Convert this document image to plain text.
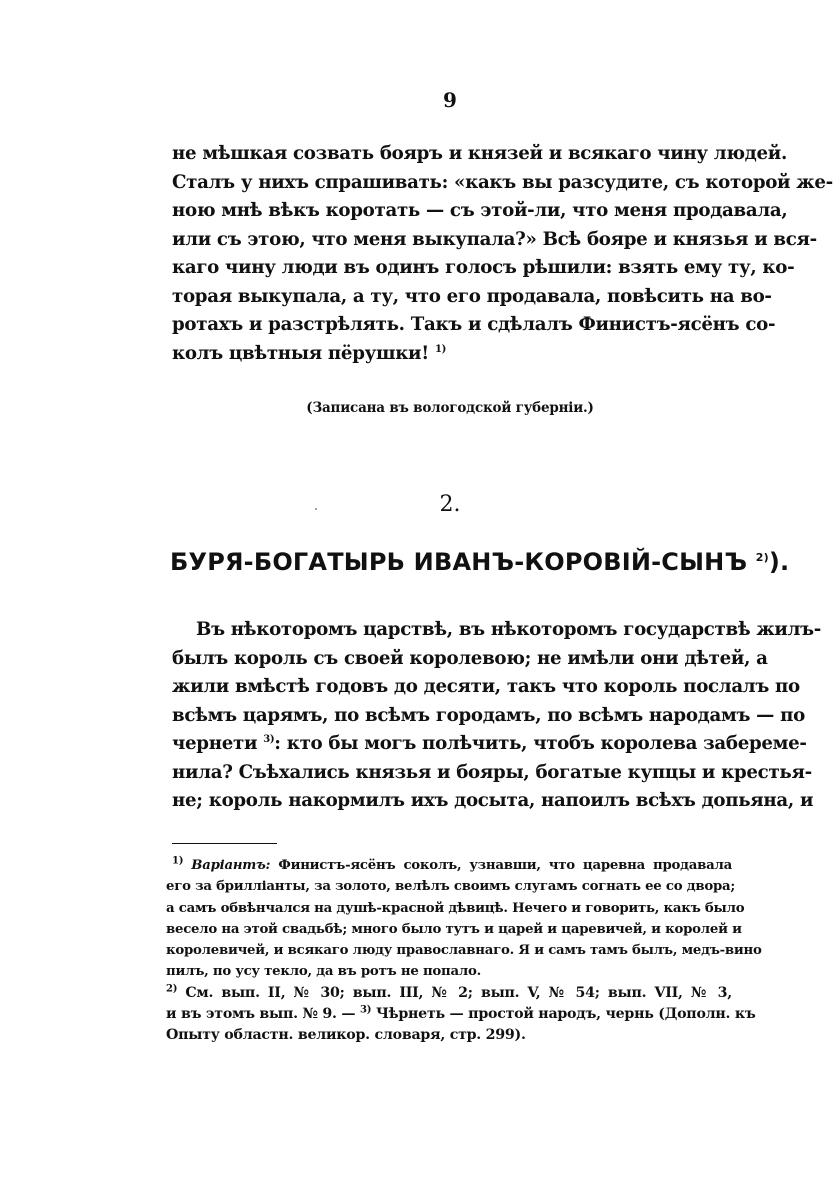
9
не мѣшкая созвать бояръ и князей и всякаго чину людей.
Сталъ у нихъ спрашивать: «какъ вы разсудите, съ которой же-
ною мнѣ вѣкъ коротать — съ этой-ли, что меня продавала,
или съ этою, что меня выкупала?» Всѣ бояре и князья и вся-
каго чину люди въ одинъ голосъ рѣшили: взять ему ту, ко-
торая выкупала, а ту, что его продавала, повѣсить на во-
ротахъ и разстрѣлять. Такъ и сдѣлалъ Финистъ-ясёнъ со-
колъ цвѣтныя пёрушки! $^{1)}$
(Записана въ вологодской губерніи.)
2.
БУРЯ-БОГАТЫРЬ ИВАНЪ-КОРОВІЙ-СЫНЪ $^{2)}$).
Въ нѣкоторомъ царствѣ, въ нѣкоторомъ государствѣ жилъ-
былъ король съ своей королевою; не имѣли они дѣтей, а
жили вмѣстѣ годовъ до десяти, такъ что король послалъ по
всѣмъ царямъ, по всѣмъ городамъ, по всѣмъ народамъ — по
чернети $^{3)}$: кто бы могъ полѣчить, чтобъ королева забереме-
нила? Съѣхались князья и бояры, богатые купцы и крестья-
не; король накормилъ ихъ досыта, напоилъ всѣхъ допьяна, и
$^{1)}$ Варіантъ: Финистъ-ясёнъ соколъ, узнавши, что царевна продавала
его за брилліанты, за золото, велѣлъ своимъ слугамъ согнать ее со двора;
а самъ обвѣнчался на душѣ-красной дѣвицѣ. Нечего и говорить, какъ было
весело на этой свадьбѣ; много было тутъ и царей и царевичей, и королей и
королевичей, и всякаго люду православнаго. Я и самъ тамъ былъ, медъ-вино
пилъ, по усу текло, да въ ротъ не попало.
$^{2)}$ См. вып. II, № 30; вып. III, № 2; вып. V, № 54; вып. VII, № 3,
и въ этомъ вып. № 9. — $^{3)}$ Чѣрнеть — простой народъ, чернь (Дополн. къ
Опыту областн. великор. словаря, стр. 299).
